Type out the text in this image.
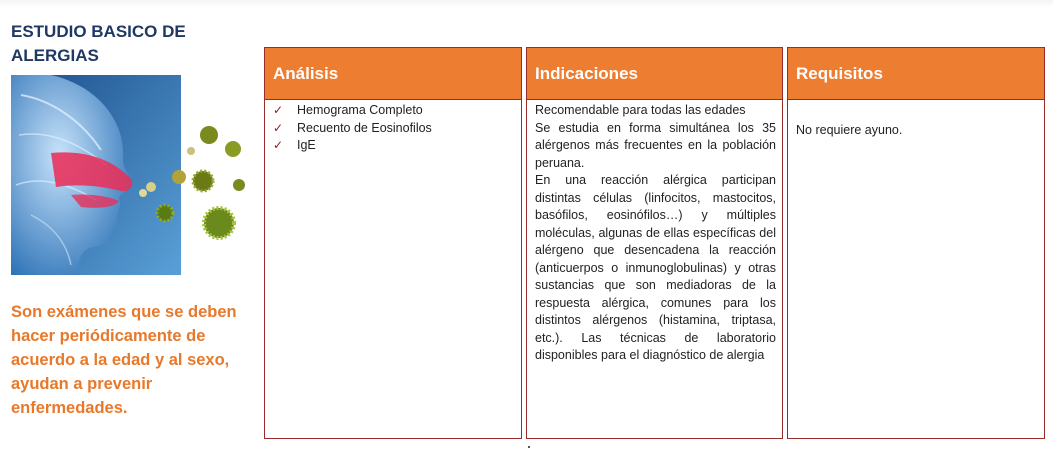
ESTUDIO BASICO DE ALERGIAS
Son exámenes que se deben hacer periódicamente de acuerdo a la edad y al sexo, ayudan a prevenir enfermedades.
Análisis
✓ Hemograma Completo
✓ Recuento de Eosinofilos
✓ IgE
Indicaciones

Recomendable para todas las edades

Se estudia en forma simultánea los 35 alérgenos más frecuentes en la población peruana.

En una reacción alérgica participan distintas células (linfocitos, mastocitos, basófilos, eosinófilos…) y múltiples moléculas, algunas de ellas específicas del alérgeno que desencadena la reacción (anticuerpos o inmunoglobulinas) y otras sustancias que son mediadoras de la respuesta alérgica, comunes para los distintos alérgenos (histamina, triptasa, etc.). Las técnicas de laboratorio disponibles para el diagnóstico de alergia

Requisitos
No requiere ayuno.
